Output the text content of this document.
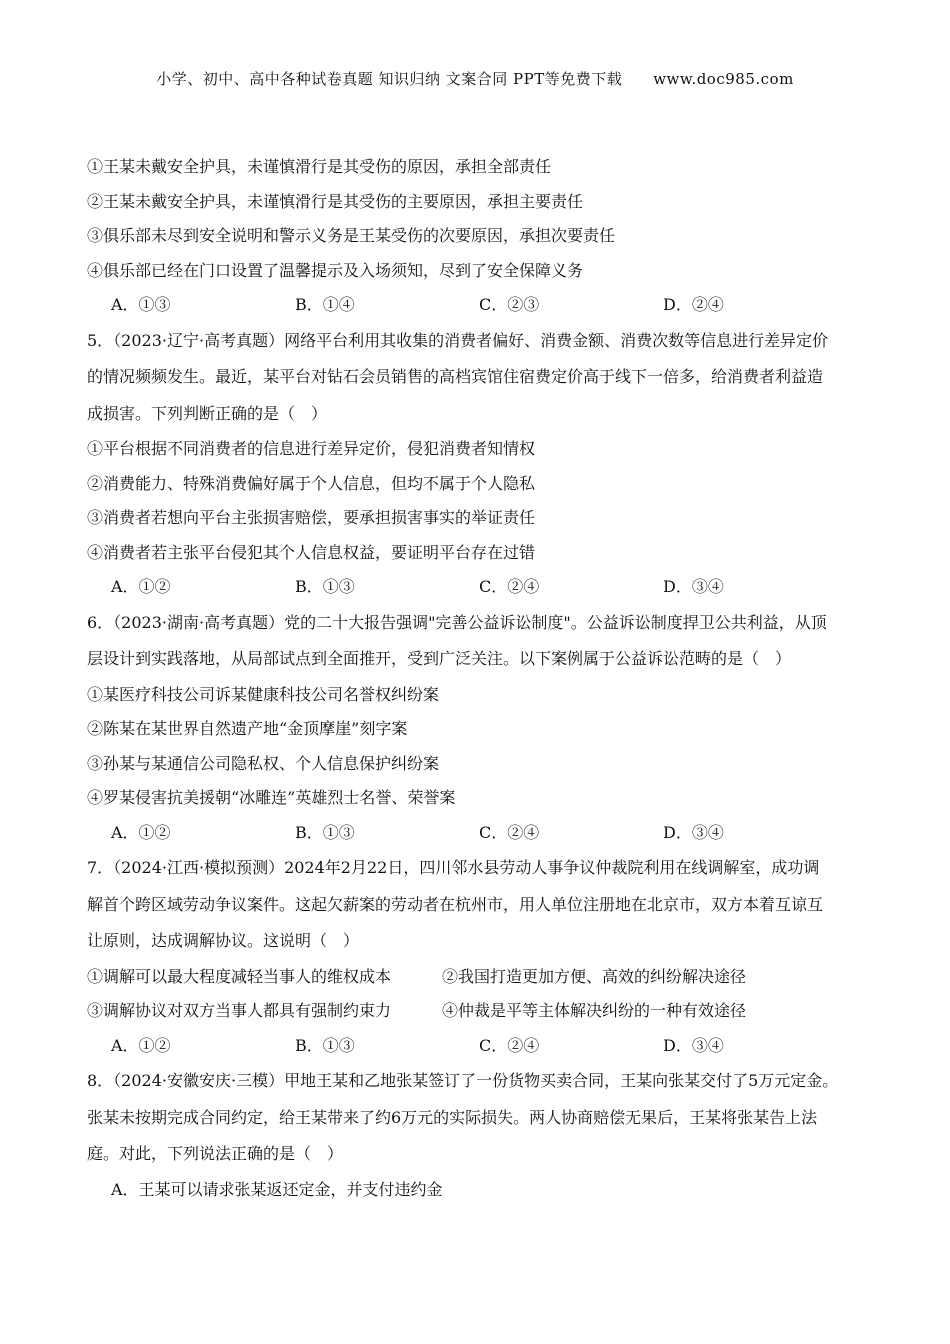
小学、初中、高中各种试卷真题 知识归纳 文案合同 PPT等免费下载　　www.doc985.com
①王某未戴安全护具，未谨慎滑行是其受伤的原因，承担全部责任
②王某未戴安全护具，未谨慎滑行是其受伤的主要原因，承担主要责任
③俱乐部未尽到安全说明和警示义务是王某受伤的次要原因，承担次要责任
④俱乐部已经在门口设置了温馨提示及入场须知，尽到了安全保障义务
A．①③	B．①④	C．②③	D．②④
5．（2023·辽宁·高考真题）网络平台利用其收集的消费者偏好、消费金额、消费次数等信息进行差异定价
的情况频频发生。最近，某平台对钻石会员销售的高档宾馆住宿费定价高于线下一倍多，给消费者利益造
成损害。下列判断正确的是（　）
①平台根据不同消费者的信息进行差异定价，侵犯消费者知情权
②消费能力、特殊消费偏好属于个人信息，但均不属于个人隐私
③消费者若想向平台主张损害赔偿，要承担损害事实的举证责任
④消费者若主张平台侵犯其个人信息权益，要证明平台存在过错
A．①②	B．①③	C．②④	D．③④
6．（2023·湖南·高考真题）党的二十大报告强调"完善公益诉讼制度"。公益诉讼制度捍卫公共利益，从顶
层设计到实践落地，从局部试点到全面推开，受到广泛关注。以下案例属于公益诉讼范畴的是（　）
①某医疗科技公司诉某健康科技公司名誉权纠纷案
②陈某在某世界自然遗产地“金顶摩崖”刻字案
③孙某与某通信公司隐私权、个人信息保护纠纷案
④罗某侵害抗美援朝“冰雕连”英雄烈士名誉、荣誉案
A．①②	B．①③	C．②④	D．③④
7．（2024·江西·模拟预测）2024年2月22日，四川邻水县劳动人事争议仲裁院利用在线调解室，成功调
解首个跨区域劳动争议案件。这起欠薪案的劳动者在杭州市，用人单位注册地在北京市，双方本着互谅互
让原则，达成调解协议。这说明（　）
①调解可以最大程度减轻当事人的维权成本	②我国打造更加方便、高效的纠纷解决途径
③调解协议对双方当事人都具有强制约束力	④仲裁是平等主体解决纠纷的一种有效途径
A．①②	B．①③	C．②④	D．③④
8．（2024·安徽安庆·三模）甲地王某和乙地张某签订了一份货物买卖合同，王某向张某交付了5万元定金。
张某未按期完成合同约定，给王某带来了约6万元的实际损失。两人协商赔偿无果后，王某将张某告上法
庭。对此，下列说法正确的是（　）
A．王某可以请求张某返还定金，并支付违约金
